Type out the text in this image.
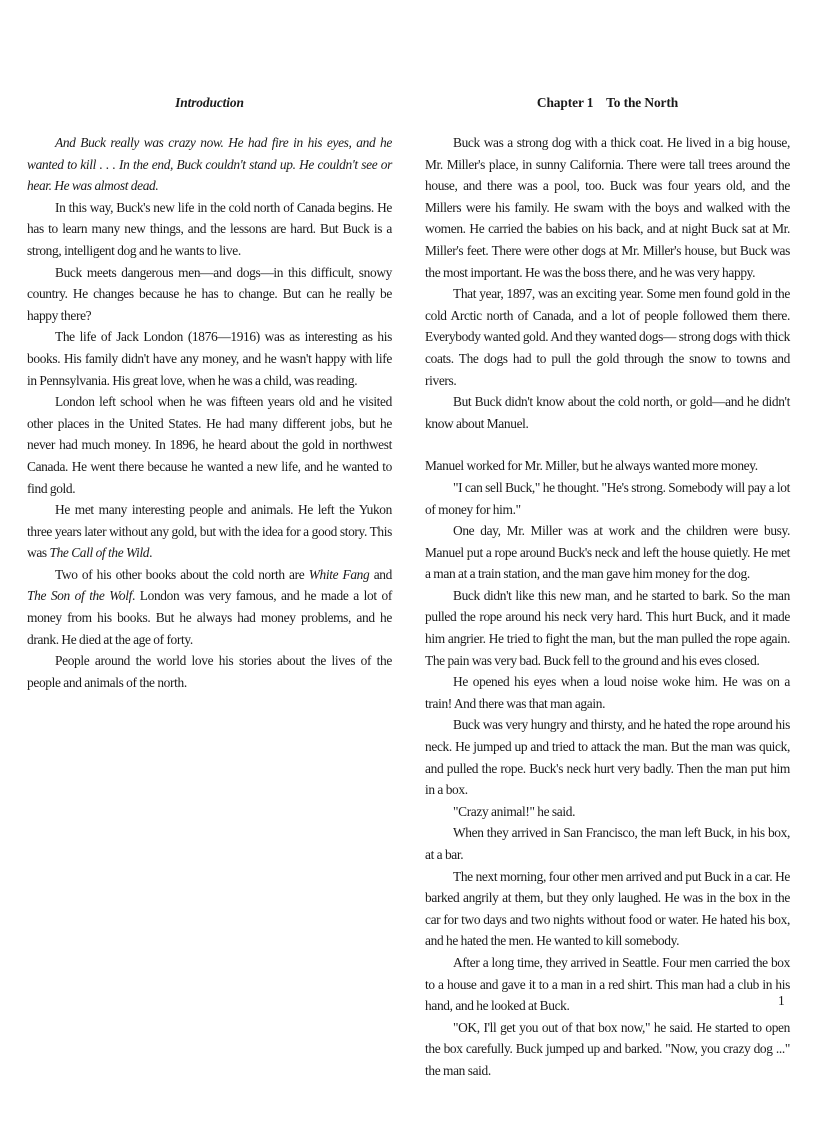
Introduction

And Buck really was crazy now. He had fire in his eyes, and he wanted to kill . . . In the end, Buck couldn't stand up. He couldn't see or hear. He was almost dead.

In this way, Buck's new life in the cold north of Canada begins. He has to learn many new things, and the lessons are hard. But Buck is a strong, intelligent dog and he wants to live.

Buck meets dangerous men—and dogs—in this difficult, snowy country. He changes because he has to change. But can he really be happy there?

The life of Jack London (1876—1916) was as interesting as his books. His family didn't have any money, and he wasn't happy with life in Pennsylvania. His great love, when he was a child, was reading.

London left school when he was fifteen years old and he visited other places in the United States. He had many different jobs, but he never had much money. In 1896, he heard about the gold in northwest Canada. He went there because he wanted a new life, and he wanted to find gold.

He met many interesting people and animals. He left the Yukon three years later without any gold, but with the idea for a good story. This was The Call of the Wild.

Two of his other books about the cold north are White Fang and The Son of the Wolf. London was very famous, and he made a lot of money from his books. But he always had money problems, and he drank. He died at the age of forty.

People around the world love his stories about the lives of the people and animals of the north.

Chapter 1    To the North

Buck was a strong dog with a thick coat. He lived in a big house, Mr. Miller's place, in sunny California. There were tall trees around the house, and there was a pool, too. Buck was four years old, and the Millers were his family. He swam with the boys and walked with the women. He carried the babies on his back, and at night Buck sat at Mr. Miller's feet. There were other dogs at Mr. Miller's house, but Buck was the most important. He was the boss there, and he was very happy.

That year, 1897, was an exciting year. Some men found gold in the cold Arctic north of Canada, and a lot of people followed them there. Everybody wanted gold. And they wanted dogs— strong dogs with thick coats. The dogs had to pull the gold through the snow to towns and rivers.

But Buck didn't know about the cold north, or gold—and he didn't know about Manuel.

Manuel worked for Mr. Miller, but he always wanted more money.

"I can sell Buck," he thought. "He's strong. Somebody will pay a lot of money for him."

One day, Mr. Miller was at work and the children were busy. Manuel put a rope around Buck's neck and left the house quietly. He met a man at a train station, and the man gave him money for the dog.

Buck didn't like this new man, and he started to bark. So the man pulled the rope around his neck very hard. This hurt Buck, and it made him angrier. He tried to fight the man, but the man pulled the rope again. The pain was very bad. Buck fell to the ground and his eves closed.

He opened his eyes when a loud noise woke him. He was on a train! And there was that man again.

Buck was very hungry and thirsty, and he hated the rope around his neck. He jumped up and tried to attack the man. But the man was quick, and pulled the rope. Buck's neck hurt very badly. Then the man put him in a box.

"Crazy animal!" he said.

When they arrived in San Francisco, the man left Buck, in his box, at a bar.

The next morning, four other men arrived and put Buck in a car. He barked angrily at them, but they only laughed. He was in the box in the car for two days and two nights without food or water. He hated his box, and he hated the men. He wanted to kill somebody.

After a long time, they arrived in Seattle. Four men carried the box to a house and gave it to a man in a red shirt. This man had a club in his hand, and he looked at Buck.

"OK, I'll get you out of that box now," he said. He started to open the box carefully. Buck jumped up and barked. "Now, you crazy dog ..." the man said.

1
